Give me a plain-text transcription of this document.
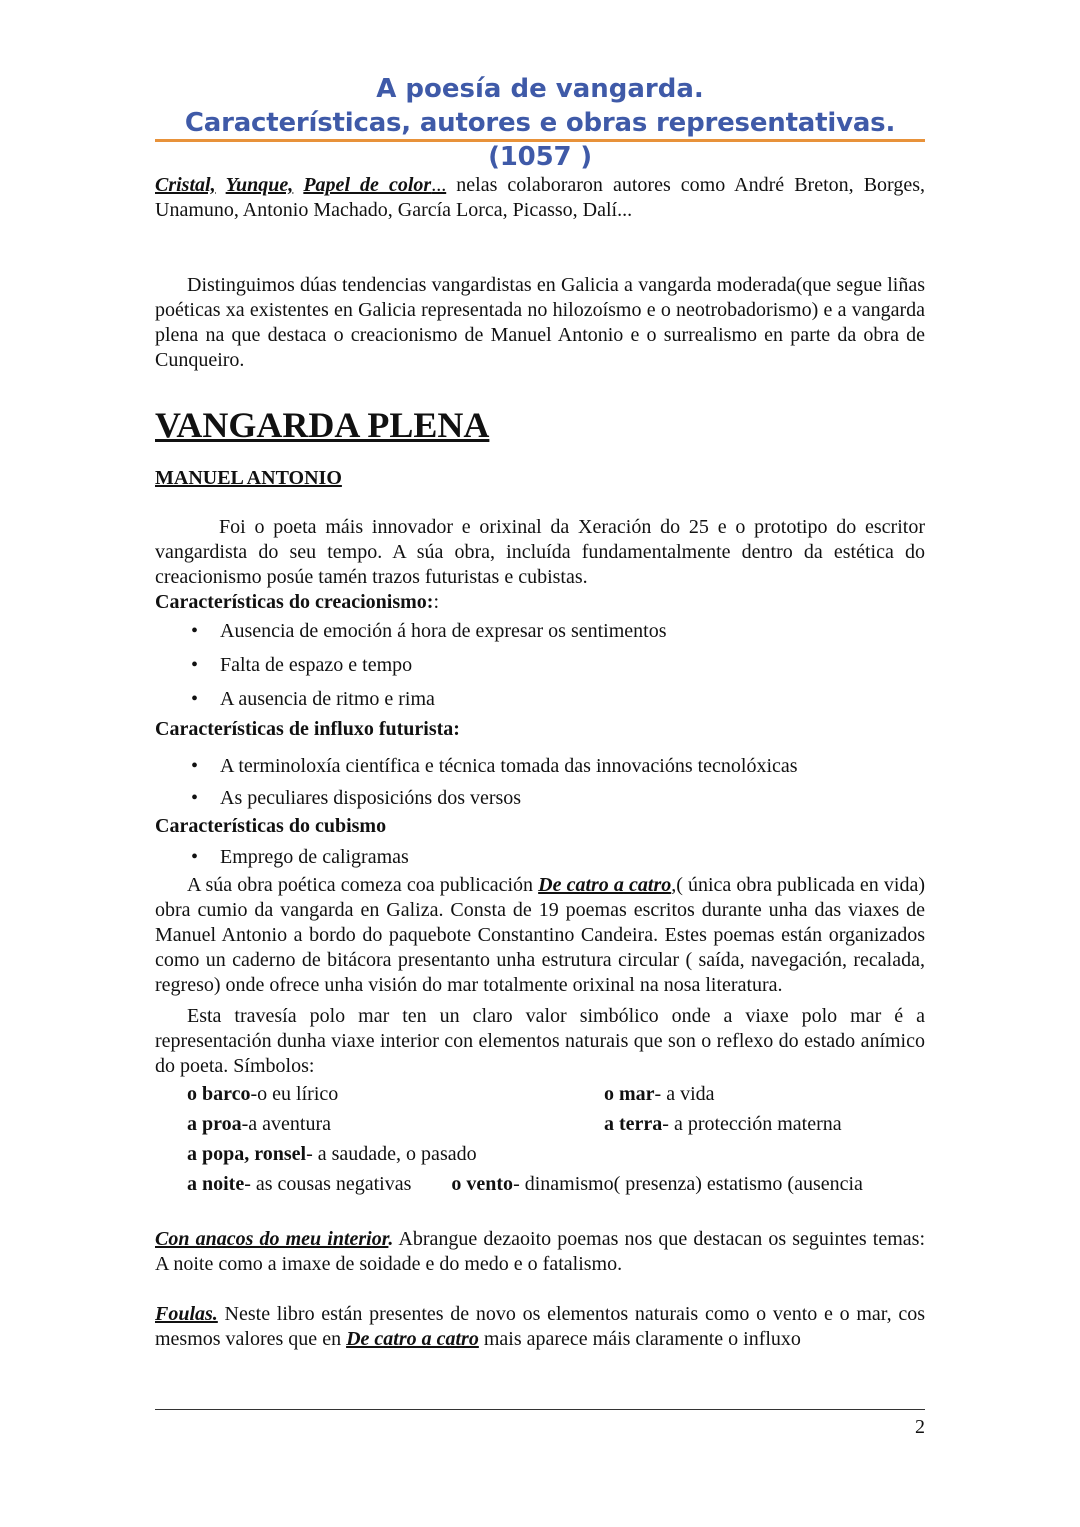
A poesía de vangarda.
Características, autores e obras representativas.(1057 )

Cristal, Yunque, Papel de color... nelas colaboraron autores como André Breton, Borges, Unamuno, Antonio Machado, García Lorca, Picasso, Dalí...

Distinguimos dúas tendencias vangardistas en Galicia a vangarda moderada(que segue liñas poéticas xa existentes en Galicia representada no hilozoísmo e o neotrobadorismo) e a vangarda plena na que destaca o creacionismo de Manuel Antonio e o surrealismo en parte da obra de Cunqueiro.

VANGARDA PLENA
MANUEL ANTONIO

Foi o poeta máis innovador e orixinal da Xeración do 25 e o prototipo do escritor vangardista do seu tempo. A súa obra, incluída fundamentalmente dentro da estética do creacionismo posúe tamén trazos futuristas e cubistas.

Características do creacionismo::
• Ausencia de emoción á hora de expresar os sentimentos
• Falta de espazo e tempo
• A ausencia de ritmo e rima
Características de influxo futurista:
• A terminoloxía científica e técnica tomada das innovacións tecnolóxicas
• As peculiares disposicións dos versos
Características do cubismo
• Emprego de caligramas

A súa obra poética comeza coa publicación De catro a catro,( única obra publicada en vida) obra cumio da vangarda en Galiza. Consta de 19 poemas escritos durante unha das viaxes de Manuel Antonio a bordo do paquebote Constantino Candeira. Estes poemas están organizados como un caderno de bitácora presentanto unha estrutura circular ( saída, navegación, recalada, regreso) onde ofrece unha visión do mar totalmente orixinal na nosa literatura.

Esta travesía polo mar ten un claro valor simbólico onde a viaxe polo mar é a representación dunha viaxe interior con elementos naturais que son o reflexo do estado anímico do poeta. Símbolos:

o barco-o eu lírico	o mar- a vida
a proa-a aventura	a terra- a protección materna
a popa, ronsel- a saudade, o pasado
a noite- as cousas negativas o vento- dinamismo( presenza) estatismo (ausencia

Con anacos do meu interior. Abrangue dezaoito poemas nos que destacan os seguintes temas: A noite como a imaxe de soidade e do medo e o fatalismo.

Foulas. Neste libro están presentes de novo os elementos naturais como o vento e o mar, cos mesmos valores que en De catro a catro mais aparece máis claramente o influxo

2
